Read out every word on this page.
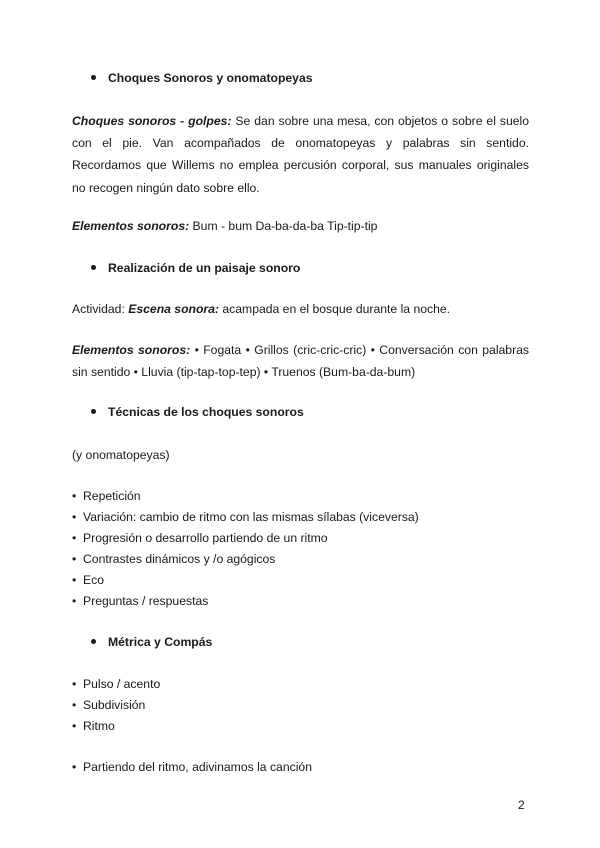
Choques Sonoros y onomatopeyas
Choques sonoros - golpes: Se dan sobre una mesa, con objetos o sobre el suelo con el pie. Van acompañados de onomatopeyas y palabras sin sentido. Recordamos que Willems no emplea percusión corporal, sus manuales originales no recogen ningún dato sobre ello.
Elementos sonoros: Bum - bum Da-ba-da-ba Tip-tip-tip
Realización de un paisaje sonoro
Actividad: Escena sonora: acampada en el bosque durante la noche.
Elementos sonoros: • Fogata • Grillos (cric-cric-cric) • Conversación con palabras sin sentido • Lluvia (tip-tap-top-tep) • Truenos (Bum-ba-da-bum)
Técnicas de los choques sonoros
(y onomatopeyas)
• Repetición
• Variación: cambio de ritmo con las mismas sílabas (viceversa)
• Progresión o desarrollo partiendo de un ritmo
• Contrastes dinámicos y /o agógicos
• Eco
• Preguntas / respuestas
Métrica y Compás
• Pulso / acento
• Subdivisión
• Ritmo
• Partiendo del ritmo, adivinamos la canción
2
